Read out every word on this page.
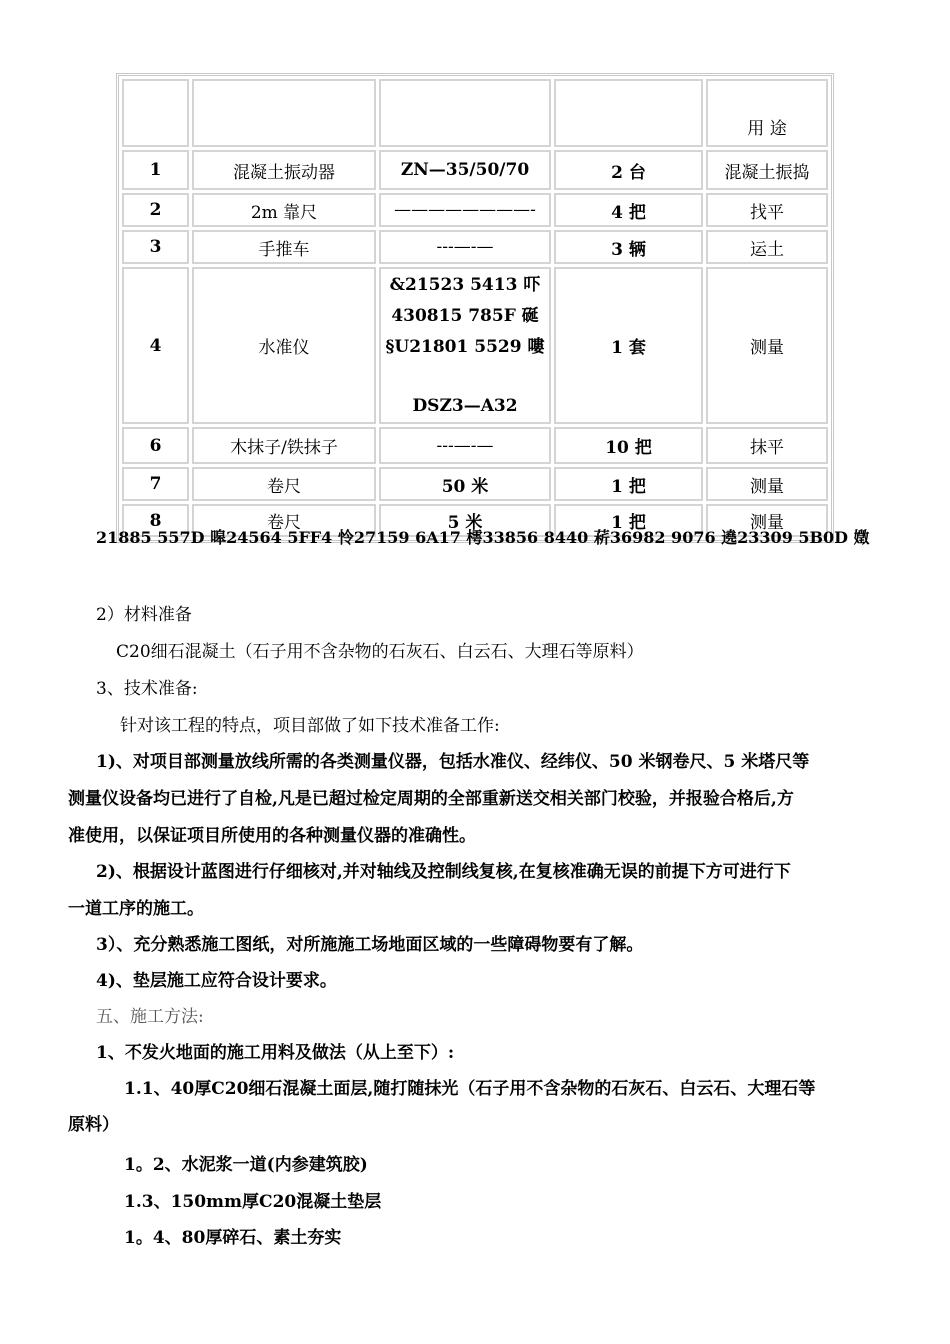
				用 途
1	混凝土振动器	ZN—35/50/70	2 台	混凝土振捣
2	2m 靠尺	————————-	4 把	找平
3	手推车	---—-—	3 辆	运土
4	水准仪	&21523 5413 吓
430815 785F 硟
§U21801 5529 嘍
DSZ3—A32	1 套	测量
6	木抹子/铁抹子	---—-—	10 把	抹平
7	卷尺	50 米	1 把	测量
8	卷尺	5 米	1 把	测量
21885 557D 嗥24564 5FF4 怜27159 6A17 樗33856 8440 菥36982 9076 遶23309 5B0D 嬍
2）材料准备
C20细石混凝土（石子用不含杂物的石灰石、白云石、大理石等原料）
3、技术准备:
针对该工程的特点，项目部做了如下技术准备工作:
1)、对项目部测量放线所需的各类测量仪器，包括水准仪、经纬仪、50 米钢卷尺、5 米塔尺等
测量仪设备均已进行了自检,凡是已超过检定周期的全部重新送交相关部门校验，并报验合格后,方
准使用，以保证项目所使用的各种测量仪器的准确性。
2)、根据设计蓝图进行仔细核对,并对轴线及控制线复核,在复核准确无误的前提下方可进行下
一道工序的施工。
3）、充分熟悉施工图纸，对所施施工场地面区域的一些障碍物要有了解。
4)、垫层施工应符合设计要求。
五、施工方法:
1、不发火地面的施工用料及做法（从上至下）:
1.1、40厚C20细石混凝土面层,随打随抹光（石子用不含杂物的石灰石、白云石、大理石等
原料）
1。2、水泥浆一道(内参建筑胶)
1.3、150mm厚C20混凝土垫层
1。4、80厚碎石、素土夯实
